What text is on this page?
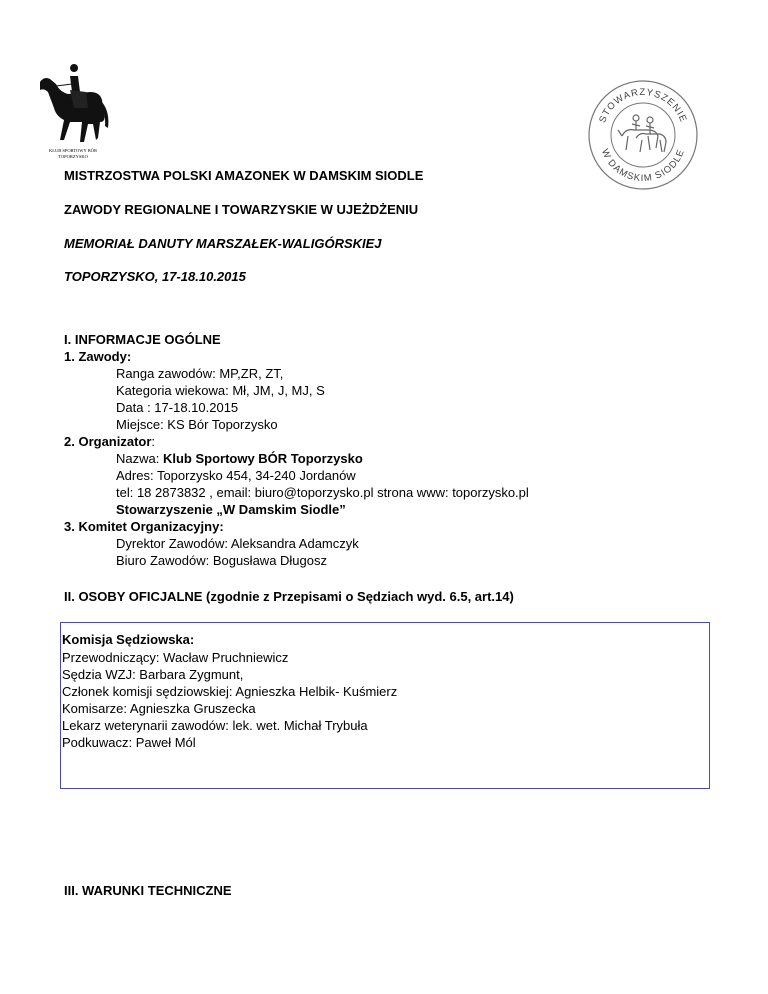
KLUB SPORTOWY BÓR
TOPORZYSKO
STOWARZYSZENIE
W DAMSKIM SIODLE
MISTRZOSTWA POLSKI AMAZONEK W DAMSKIM SIODLE
ZAWODY REGIONALNE I TOWARZYSKIE W UJEŻDŻENIU
MEMORIAŁ DANUTY MARSZAŁEK-WALIGÓRSKIEJ
TOPORZYSKO, 17-18.10.2015
I. INFORMACJE OGÓLNE
1. Zawody:
Ranga zawodów: MP,ZR, ZT,
Kategoria wiekowa: Mł, JM, J, MJ, S
Data : 17-18.10.2015
Miejsce: KS Bór Toporzysko
2. Organizator:
Nazwa: Klub Sportowy BÓR Toporzysko
Adres: Toporzysko 454, 34-240 Jordanów
tel: 18 2873832 , email: biuro@toporzysko.pl strona www: toporzysko.pl
Stowarzyszenie „W Damskim Siodle”
3. Komitet Organizacyjny:
Dyrektor Zawodów: Aleksandra Adamczyk
Biuro Zawodów: Bogusława Długosz
II. OSOBY OFICJALNE (zgodnie z Przepisami o Sędziach wyd. 6.5, art.14)
Komisja Sędziowska:
Przewodniczący: Wacław Pruchniewicz
Sędzia WZJ: Barbara Zygmunt,
Członek komisji sędziowskiej: Agnieszka Helbik- Kuśmierz
Komisarze: Agnieszka Gruszecka
Lekarz weterynarii zawodów: lek. wet. Michał Trybuła
Podkuwacz: Paweł Mól
III. WARUNKI TECHNICZNE
